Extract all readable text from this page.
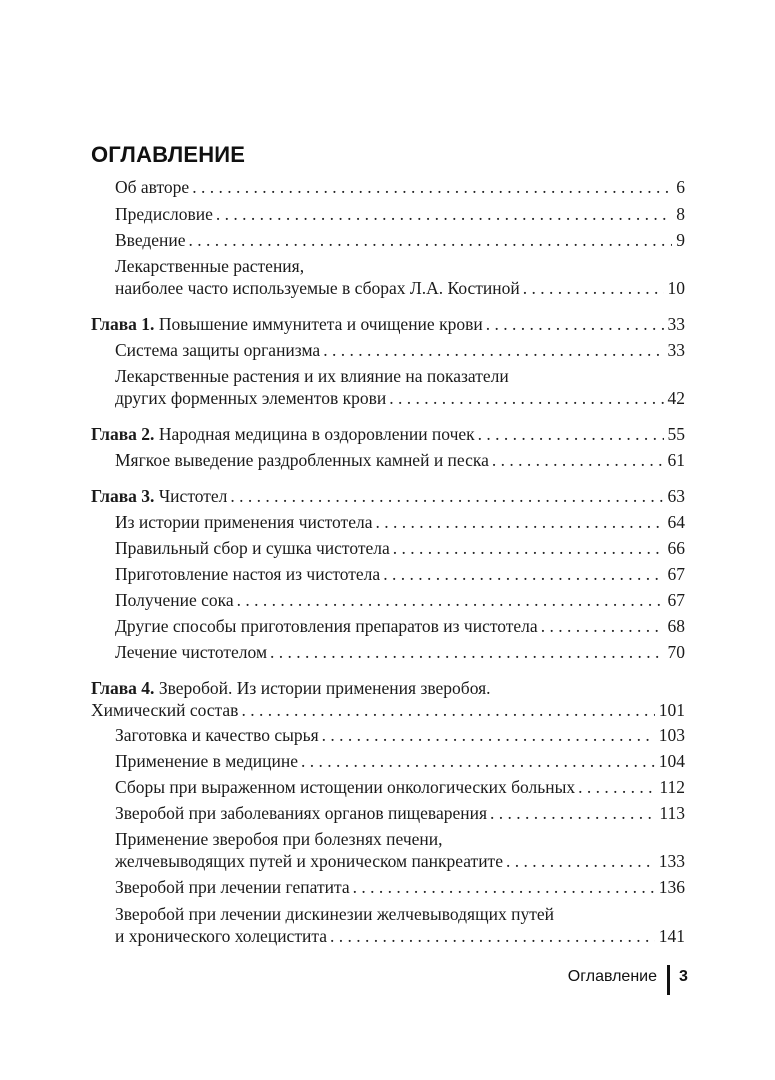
ОГЛАВЛЕНИЕ
Об авторе . . .	6
Предисловие . . .	8
Введение . . .	9
Лекарственные растения,
наиболее часто используемые в сборах Л.А. Костиной . . .	10
Глава 1. Повышение иммунитета и очищение крови . . .	33
Система защиты организма . . .	33
Лекарственные растения и их влияние на показатели
других форменных элементов крови . . .	42
Глава 2. Народная медицина в оздоровлении почек . . .	55
Мягкое выведение раздробленных камней и песка . . .	61
Глава 3. Чистотел . . .	63
Из истории применения чистотела . . .	64
Правильный сбор и сушка чистотела . . .	66
Приготовление настоя из чистотела . . .	67
Получение сока . . .	67
Другие способы приготовления препаратов из чистотела . . .	68
Лечение чистотелом . . .	70
Глава 4. Зверобой. Из истории применения зверобоя.
Химический состав . . .	101
Заготовка и качество сырья . . .	103
Применение в медицине . . .	104
Сборы при выраженном истощении онкологических больных . . .	112
Зверобой при заболеваниях органов пищеварения . . .	113
Применение зверобоя при болезнях печени,
желчевыводящих путей и хроническом панкреатите . . .	133
Зверобой при лечении гепатита . . .	136
Зверобой при лечении дискинезии желчевыводящих путей
и хронического холецистита . . .	141
Оглавление 3
